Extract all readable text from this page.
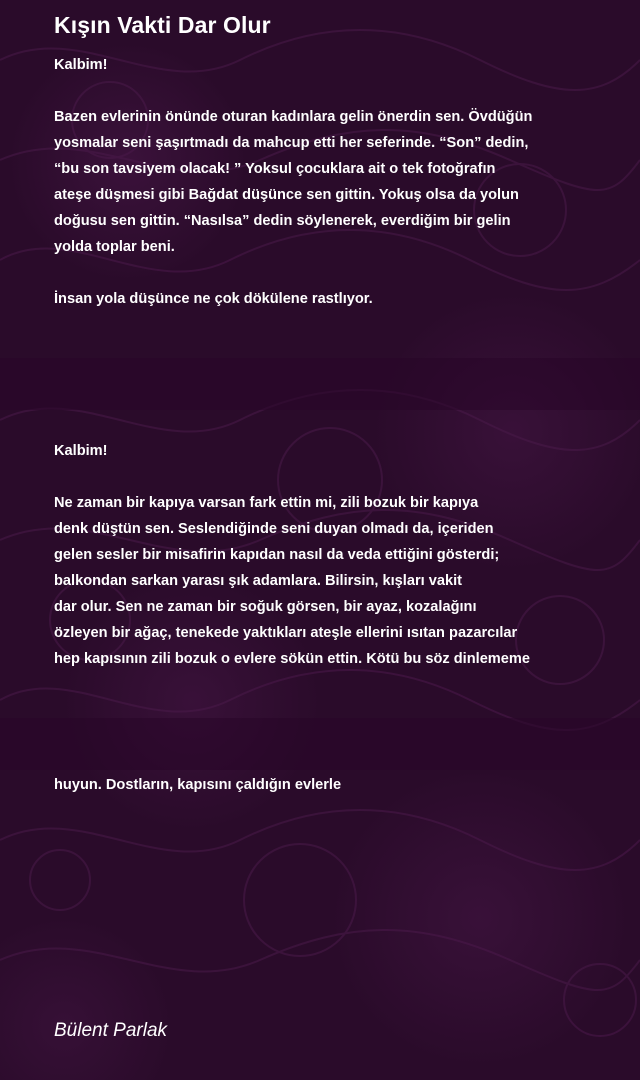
Kışın Vakti Dar Olur
Kalbim!
Bazen evlerinin önünde oturan kadınlara gelin önerdin sen. Övdüğün
yosmalar seni şaşırtmadı da mahcup etti her seferinde. “Son” dedin,
“bu son tavsiyem olacak! ” Yoksul çocuklara ait o tek fotoğrafın
ateşe düşmesi gibi Bağdat düşünce sen gittin. Yokuş olsa da yolun
doğusu sen gittin. “Nasılsa” dedin söylenerek, everdiğim bir gelin
yolda toplar beni.
İnsan yola düşünce ne çok dökülene rastlıyor.
Kalbim!
Ne zaman bir kapıya varsan fark ettin mi, zili bozuk bir kapıya
denk düştün sen. Seslendiğinde seni duyan olmadı da, içeriden
gelen sesler bir misafirin kapıdan nasıl da veda ettiğini gösterdi;
balkondan sarkan yarası şık adamlara. Bilirsin, kışları vakit
dar olur. Sen ne zaman bir soğuk görsen, bir ayaz, kozalağını
özleyen bir ağaç, tenekede yaktıkları ateşle ellerini ısıtan pazarcılar
hep kapısının zili bozuk o evlere sökün ettin. Kötü bu söz dinlememe
huyun. Dostların, kapısını çaldığın evlerle
Bülent Parlak
